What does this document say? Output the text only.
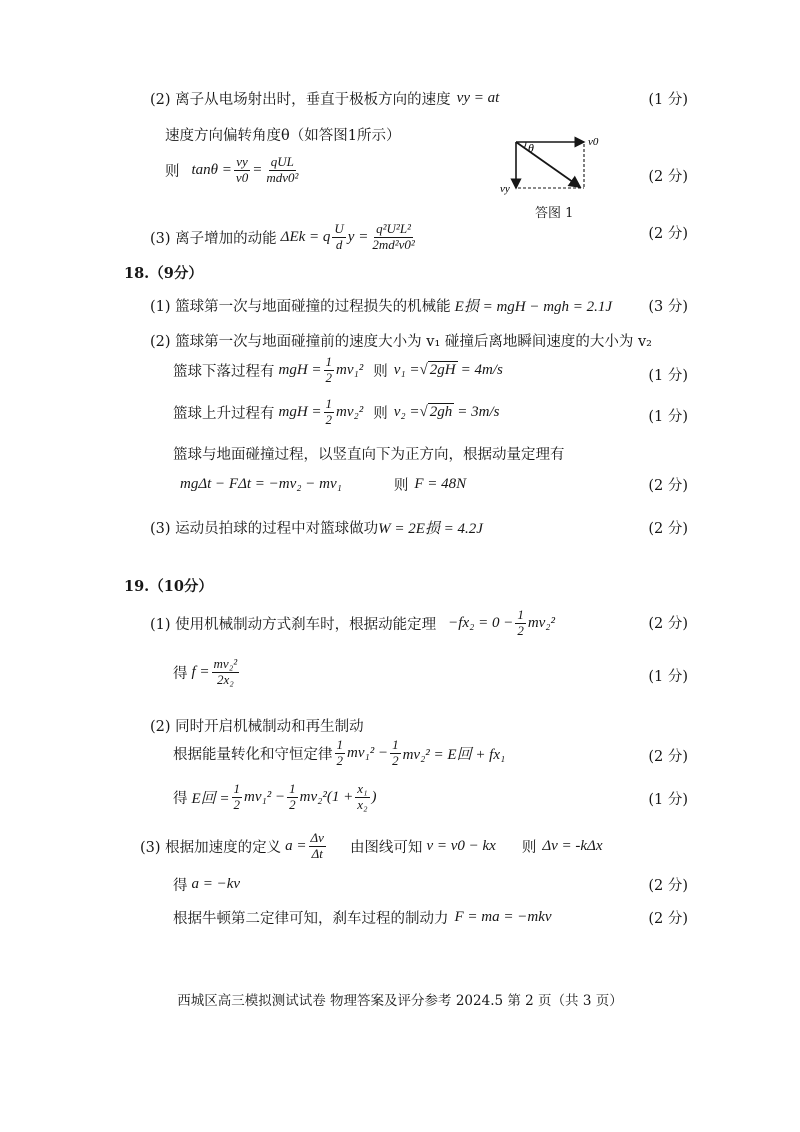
(2) 离子从电场射出时，垂直于极板方向的速度 vy = at	(1 分)
速度方向偏转角度θ（如答图1所示）
则 $\tan\theta = \frac{vy}{v0} = \frac{\text{qUL}}{\text{mdv0²}}$	(2 分)
θ	v0
vy
答图 1
(3) 离子增加的动能 ΔEk = q $\frac{U}{d}$ $y = \frac{\text{q²U²L²}}{\text{2md²v0²}}$	(2 分)
18.（9分）
(1) 篮球第一次与地面碰撞的过程损失的机械能 E损 = mgH − mgh = 2.1J	(3 分)
(2) 篮球第一次与地面碰撞前的速度大小为 v₁ 碰撞后离地瞬间速度的大小为 v₂
篮球下落过程有 mgH = $\frac{1}{2} mv_1^2$ 则 v₁ = √ 2gH = 4m/s	(1 分)
篮球上升过程有 mgH = $\frac{1}{2} mv_2^2$ 则 v₂ = √ 2gh = 3m/s	(1 分)
篮球与地面碰撞过程，以竖直向下为正方向，根据动量定理有
mgΔt − FΔt = −mv₂ − mv₁	则 F = 48N	(2 分)
(3) 运动员拍球的过程中对篮球做功 W = 2E损 = 4.2J	(2 分)
19.（10分）
(1) 使用机械制动方式刹车时，根据动能定理 $-fx_2 = 0 - \frac{1}{2} mv_2^2$	(2 分)
得 $f = \frac{\text{mv₂²}}{\text{2x₂}}$	(1 分)
(2) 同时开启机械制动和再生制动
根据能量转化和守恒定律 $\frac{1}{2} mv_1^2 - \frac{1}{2} mv_2^2 = E$回 + fx₁	(2 分)
得 E回 = $\frac{1}{2} mv_1^2 - \frac{1}{2} mv_2^2(1 + \frac{\text{x₁}}{\text{x₂}}$ )	(1 分)
(3) 根据加速度的定义 $a = \frac{\Delta v}{\Delta t}$ 由图线可知 v = v0 − kx 则 Δv = -kΔx
得 a = −kv	(2 分)
根据牛顿第二定律可知，刹车过程的制动力 F = ma = −mkv	(2 分)
西城区高三模拟测试试卷 物理答案及评分参考 2024.5 第 2 页（共 3 页）
